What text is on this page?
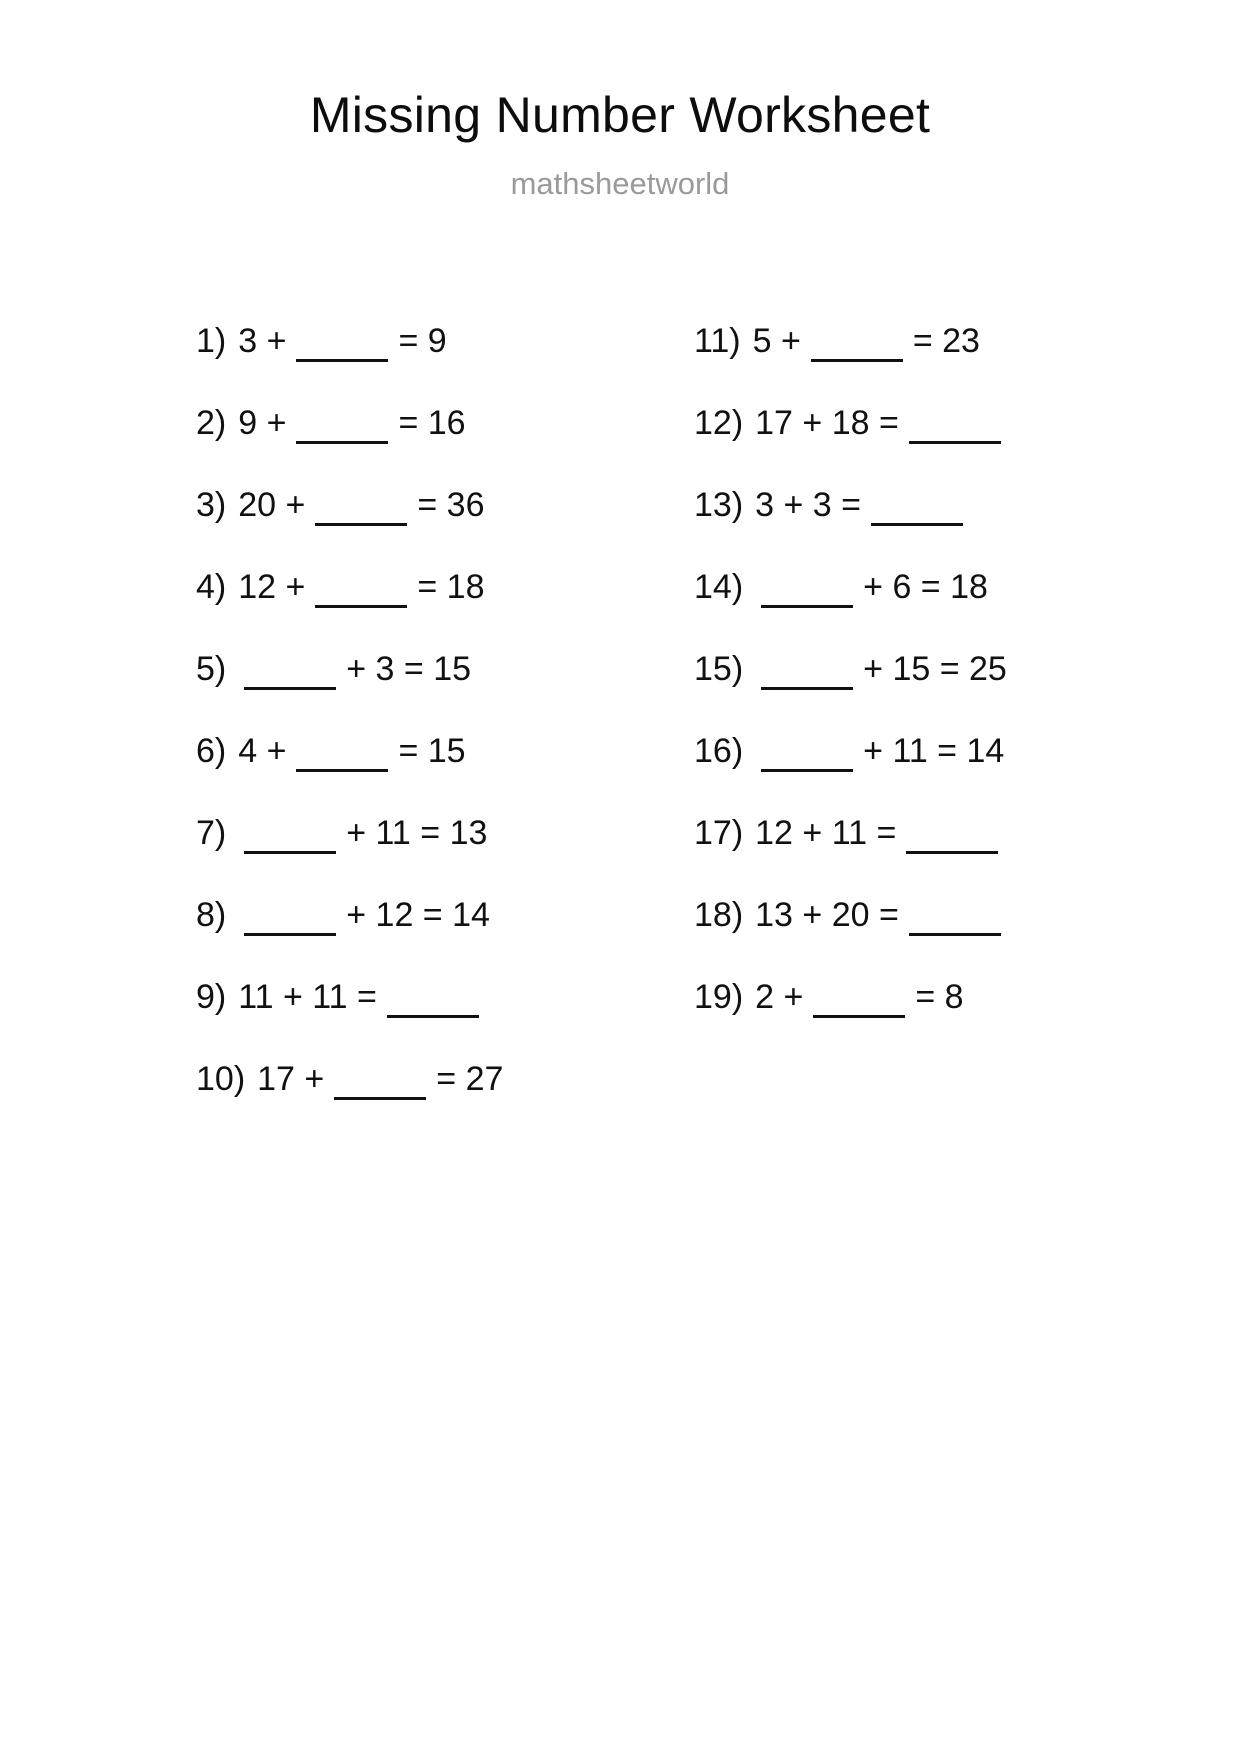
Missing Number Worksheet
mathsheetworld
1) 3 +	= 9
2) 9 +	= 16
3) 20 +	= 36
4) 12 +	= 18
5)	+ 3 = 15
6) 4 +	= 15
7)	+ 11 = 13
8)	+ 12 = 14
9) 11 + 11 =
10) 17 +	= 27
11) 5 +	= 23
12) 17 + 18 =
13) 3 + 3 =
14)	+ 6 = 18
15)	+ 15 = 25
16)	+ 11 = 14
17) 12 + 11 =
18) 13 + 20 =
19) 2 +	= 8
